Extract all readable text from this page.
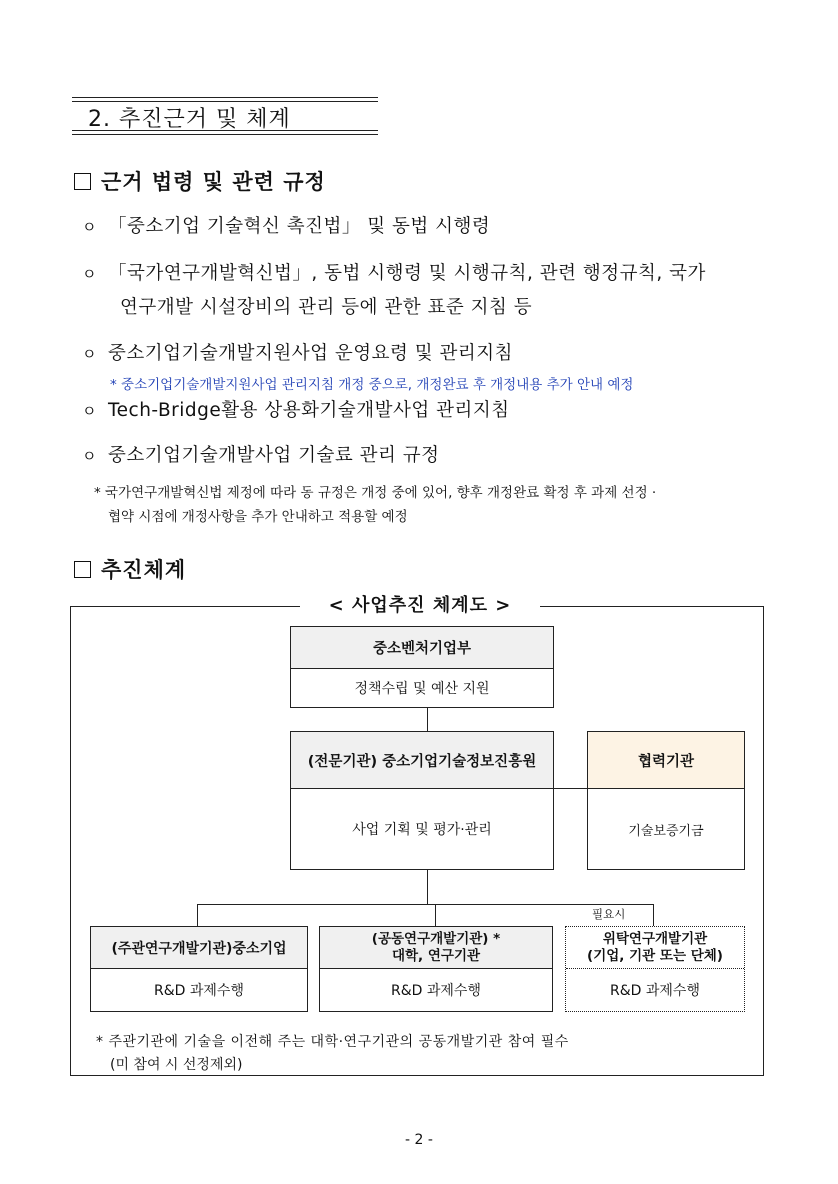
2. 추진근거 및 체계
근거 법령 및 관련 규정
ㅇ 「중소기업 기술혁신 촉진법」 및 동법 시행령
ㅇ 「국가연구개발혁신법」, 동법 시행령 및 시행규칙, 관련 행정규칙, 국가
연구개발 시설장비의 관리 등에 관한 표준 지침 등
ㅇ 중소기업기술개발지원사업 운영요령 및 관리지침
* 중소기업기술개발지원사업 관리지침 개정 중으로, 개정완료 후 개정내용 추가 안내 예정
ㅇ Tech-Bridge활용 상용화기술개발사업 관리지침
ㅇ 중소기업기술개발사업 기술료 관리 규정
* 국가연구개발혁신법 제정에 따라 동 규정은 개정 중에 있어, 향후 개정완료 확정 후 과제 선정 ·
협약 시점에 개정사항을 추가 안내하고 적용할 예정
추진체계
< 사업추진 체계도 >
중소벤처기업부
정책수립 및 예산 지원
(전문기관) 중소기업기술정보진흥원
사업 기획 및 평가·관리
협력기관
기술보증기금
필요시
(주관연구개발기관)중소기업
R&D 과제수행
(공동연구개발기관) *
대학, 연구기관
R&D 과제수행
위탁연구개발기관
(기업, 기관 또는 단체)
R&D 과제수행
* 주관기관에 기술을 이전해 주는 대학·연구기관의 공동개발기관 참여 필수
(미 참여 시 선정제외)
- 2 -
